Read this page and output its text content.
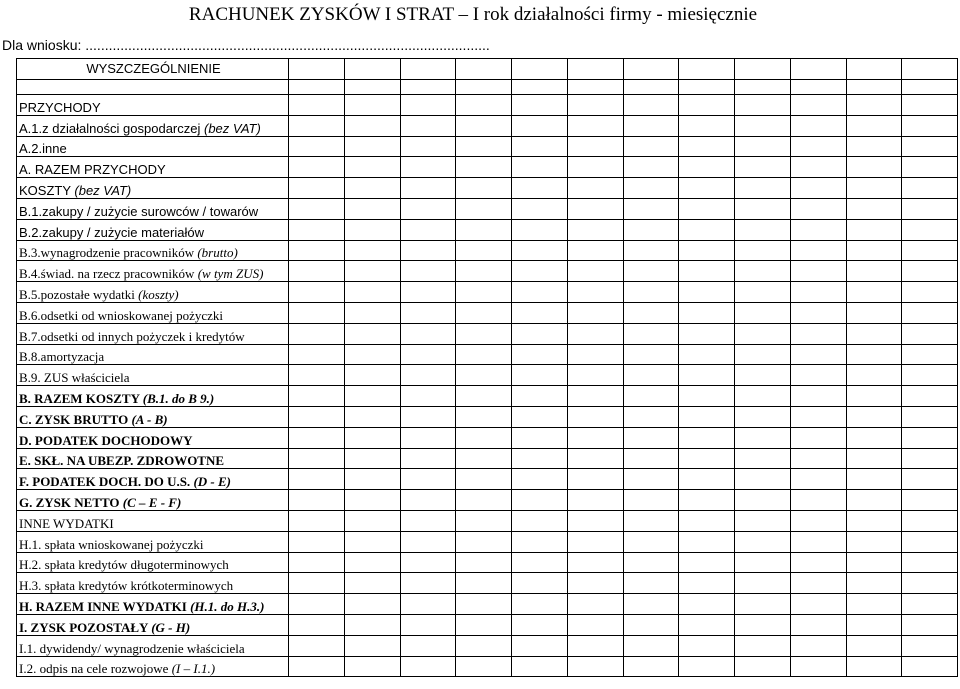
RACHUNEK ZYSKÓW I STRAT – I rok działalności firmy - miesięcznie
Dla wniosku: ........................................................................................................
WYSZCZEGÓLNIENIE												

PRZYCHODY												
A.1.z działalności gospodarczej (bez VAT)												
A.2.inne												
A. RAZEM PRZYCHODY												
KOSZTY (bez VAT)												
B.1.zakupy / zużycie surowców / towarów												
B.2.zakupy / zużycie materiałów												
B.3.wynagrodzenie pracowników (brutto)												
B.4.świad. na rzecz pracowników (w tym ZUS)												
B.5.pozostałe wydatki (koszty)												
B.6.odsetki od wnioskowanej pożyczki												
B.7.odsetki od innych pożyczek i kredytów												
B.8.amortyzacja												
B.9. ZUS właściciela												
B. RAZEM KOSZTY (B.1. do B 9.)												
C. ZYSK BRUTTO (A - B)												
D. PODATEK DOCHODOWY												
E. SKŁ. NA UBEZP. ZDROWOTNE												
F. PODATEK DOCH. DO U.S. (D - E)												
G. ZYSK NETTO (C – E - F)												
INNE WYDATKI												
H.1. spłata wnioskowanej pożyczki												
H.2. spłata kredytów długoterminowych												
H.3. spłata kredytów krótkoterminowych												
H. RAZEM INNE WYDATKI (H.1. do H.3.)												
I. ZYSK POZOSTAŁY (G - H)												
I.1. dywidendy/ wynagrodzenie właściciela												
I.2. odpis na cele rozwojowe (I – I.1.)												
